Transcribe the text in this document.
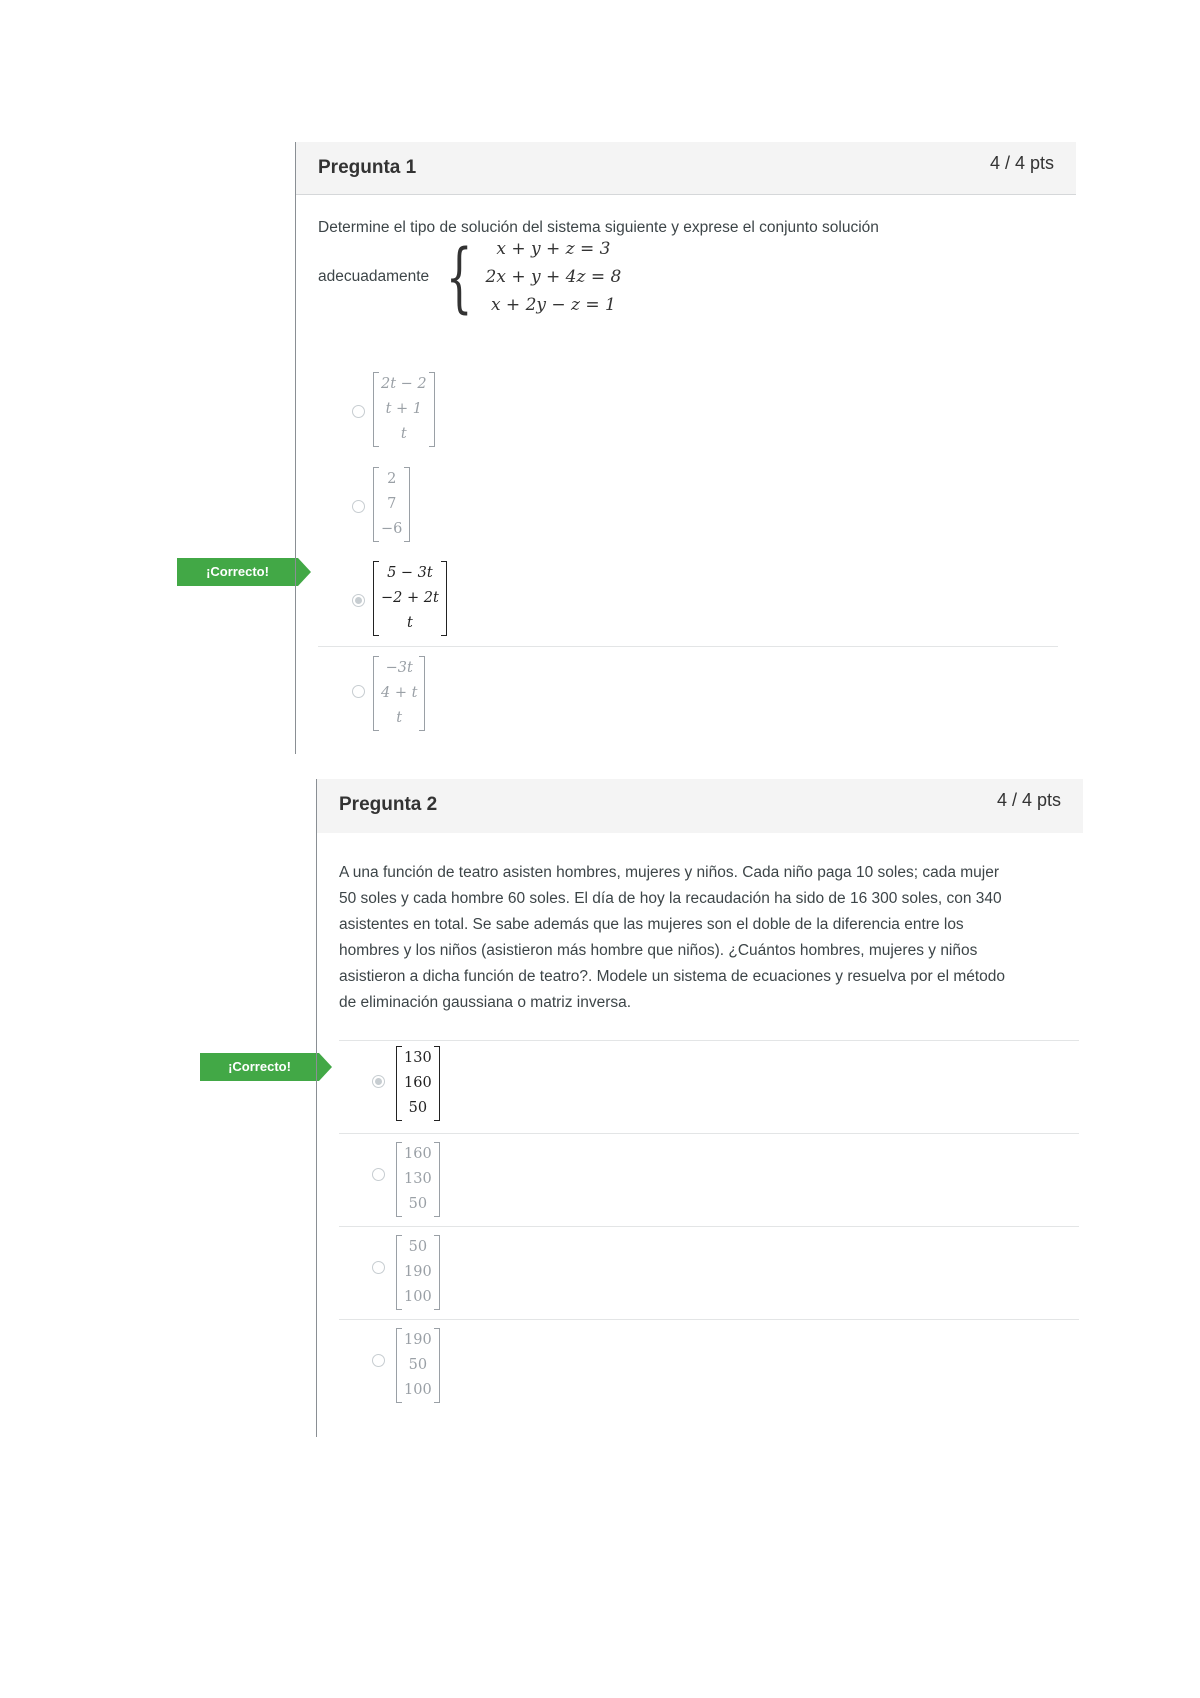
¡Correcto!
¡Correcto!
Pregunta 1	4 / 4 pts
Determine el tipo de solución del sistema siguiente y exprese el conjunto solución
adecuadamente {	x + y + z = 3
2x + y + 4z = 8
x + 2y − z = 1
2t − 2
t + 1
t
2
7
−6
5 − 3t
−2 + 2t
t
−3t
4 + t
t
Pregunta 2	4 / 4 pts
A una función de teatro asisten hombres, mujeres y niños. Cada niño paga 10 soles; cada mujer
50 soles y cada hombre 60 soles. El día de hoy la recaudación ha sido de 16 300 soles, con 340
asistentes en total. Se sabe además que las mujeres son el doble de la diferencia entre los
hombres y los niños (asistieron más hombre que niños). ¿Cuántos hombres, mujeres y niños
asistieron a dicha función de teatro?. Modele un sistema de ecuaciones y resuelva por el método
de eliminación gaussiana o matriz inversa.
130
160
50
160
130
50
50
190
100
190
50
100
